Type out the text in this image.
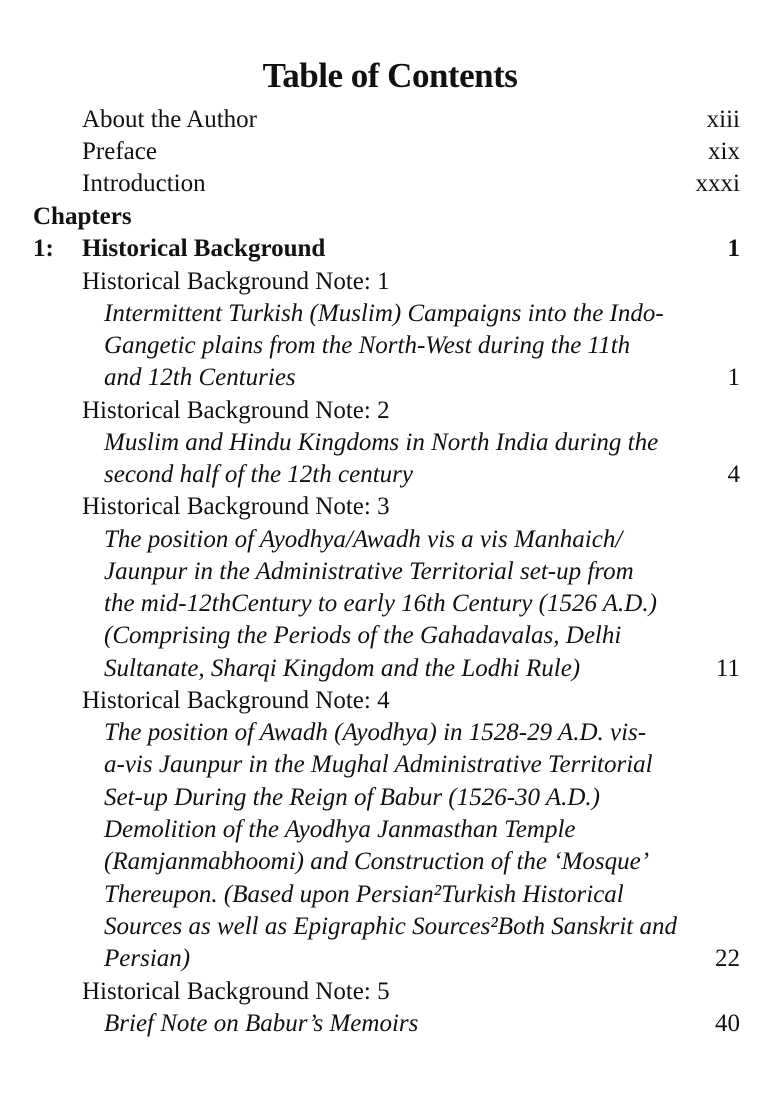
Table of Contents
About the Author	xiii
Preface	xix
Introduction	xxxi
Chapters
1: Historical Background	1
Historical Background Note: 1
Intermittent Turkish (Muslim) Campaigns into the Indo-
Gangetic plains from the North-West during the 11th
and 12th Centuries	1
Historical Background Note: 2
Muslim and Hindu Kingdoms in North India during the
second half of the 12th century	4
Historical Background Note: 3
The position of Ayodhya/Awadh vis a vis Manhaich/
Jaunpur in the Administrative Territorial set-up from
the mid-12thCentury to early 16th Century (1526 A.D.)
(Comprising the Periods of the Gahadavalas, Delhi
Sultanate, Sharqi Kingdom and the Lodhi Rule)	11
Historical Background Note: 4
The position of Awadh (Ayodhya) in 1528-29 A.D. vis-
a-vis Jaunpur in the Mughal Administrative Territorial
Set-up During the Reign of Babur (1526-30 A.D.)
Demolition of the Ayodhya Janmasthan Temple
(Ramjanmabhoomi) and Construction of the ‘Mosque’
Thereupon. (Based upon Persian²Turkish Historical
Sources as well as Epigraphic Sources²Both Sanskrit and
Persian)	22
Historical Background Note: 5
Brief Note on Babur’s Memoirs	40
